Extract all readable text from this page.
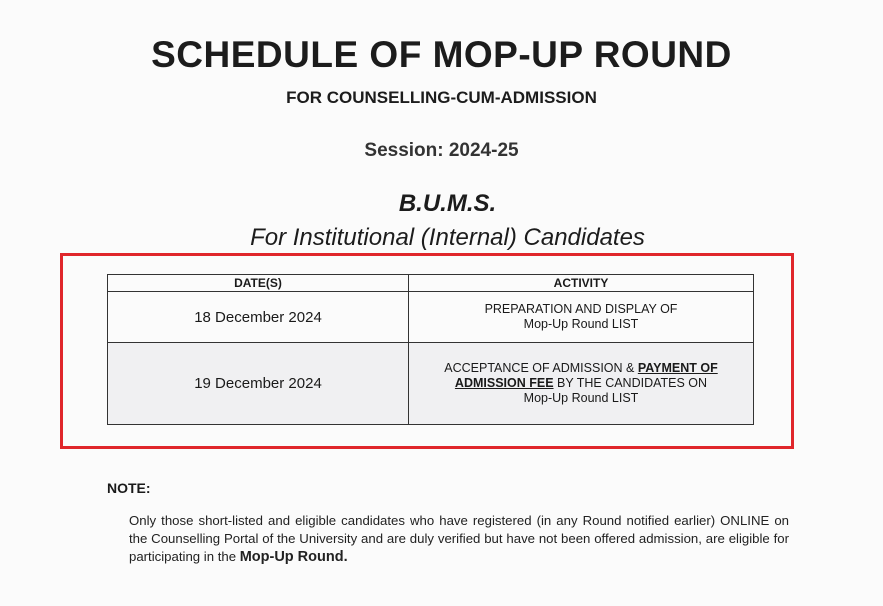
SCHEDULE OF MOP-UP ROUND
FOR COUNSELLING-CUM-ADMISSION
Session: 2024-25
B.U.M.S.
For Institutional (Internal) Candidates
DATE(S)	ACTIVITY
18 December 2024	PREPARATION AND DISPLAY OF
Mop-Up Round LIST
19 December 2024	ACCEPTANCE OF ADMISSION & PAYMENT OF
ADMISSION FEE BY THE CANDIDATES ON
Mop-Up Round LIST
NOTE:
Only those short-listed and eligible candidates who have registered (in any Round notified earlier) ONLINE on the Counselling Portal of the University and are duly verified but have not been offered admission, are eligible for participating in the Mop-Up Round.
